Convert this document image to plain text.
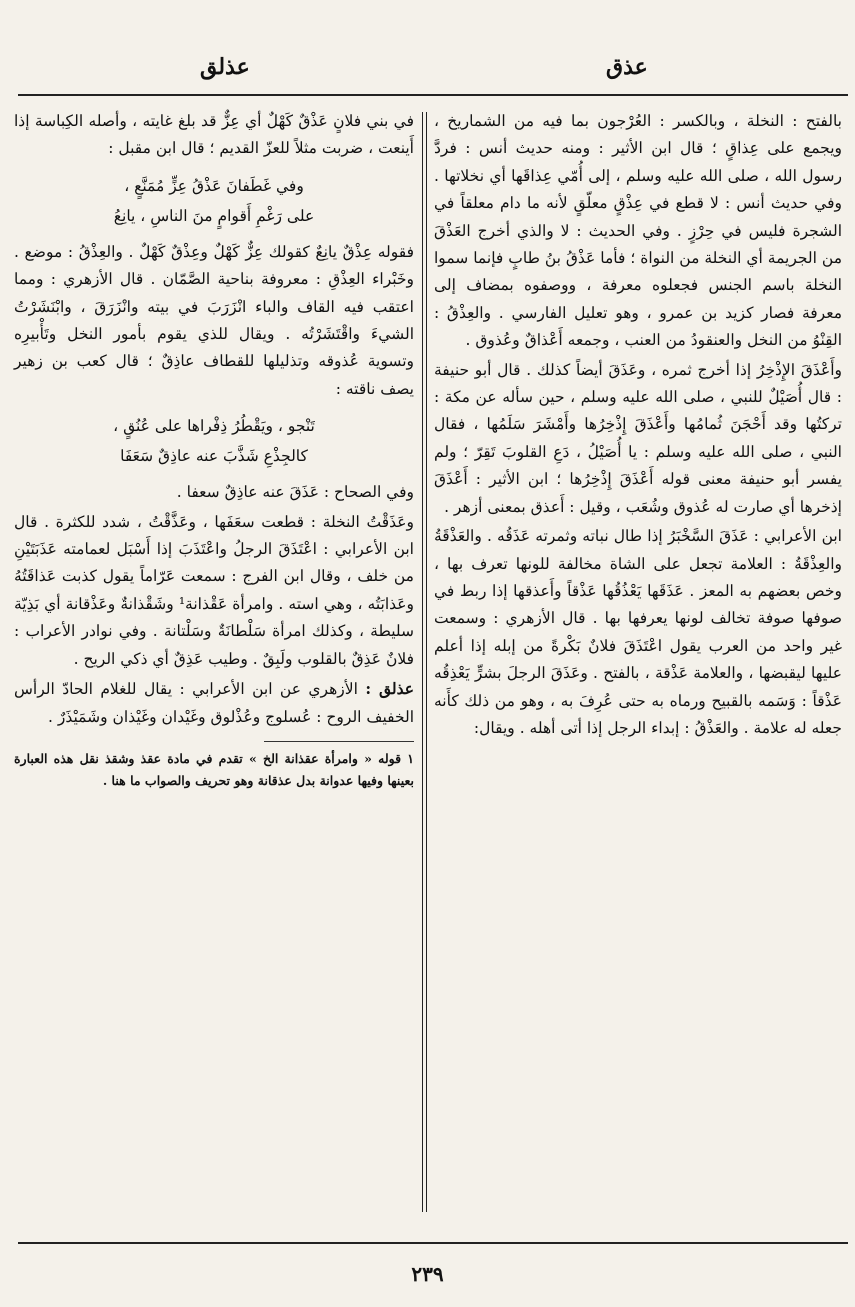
عذلق	عذق

بالفتح : النخلة ، وبالكسر : العُرْجون بما فيه من الشماريخ ، ويجمع على عِذاقٍ ؛ قال ابن الأثير : ومنه حديث أنس : فردَّ رسول الله ، صلى الله عليه وسلم ، إلى أُمّي عِذاقَها أي نخلاتها . وفي حديث أنس : لا قطع في عِذْقٍ معلّقٍ لأنه ما دام معلقاً في الشجرة فليس في حِرْزٍ . وفي الحديث : لا والذي أخرج العَذْقَ من الجريمة أي النخلة من النواة ؛ فأما عَذْقُ بنُ طابٍ فإنما سموا النخلة باسم الجنس فجعلوه معرفة ، ووصفوه بمضاف إلى معرفة فصار كزيد بن عمرو ، وهو تعليل الفارسي . والعِذْقُ : القِنْوُ من النخل والعنقودُ من العنب ، وجمعه أَعْذاقٌ وعُذوق .

وأَعْذَقَ الإِذْخِرُ إذا أخرج ثمره ، وعَذَقَ أيضاً كذلك . قال أبو حنيفة : قال أُصَيْلٌ للنبي ، صلى الله عليه وسلم ، حين سأله عن مكة : تركتُها وقد أَحْجَنَ ثُمامُها وأَعْذَقَ إِذْخِرُها وأَمْشَرَ سَلَمُها ، فقال النبي ، صلى الله عليه وسلم : يا أُصَيْلُ ، دَعِ القلوبَ تَقِرّ ؛ ولم يفسر أبو حنيفة معنى قوله أَعْذَقَ إِذْخِرُها ؛ ابن الأثير : أَعْذَقَ إذخرها أي صارت له عُذوق وشُعَب ، وقيل : أَعذق بمعنى أزهر .

ابن الأعرابي : عَذَقَ السَّخْبَرُ إذا طال نباته وثمرته عَذَقُه . والعَذْقَةُ والعِذْقَةُ : العلامة تجعل على الشاة مخالفة للونها تعرف بها ، وخص بعضهم به المعز . عَذَقَها يَعْذُقُها عَذْقاً وأَعذقها إذا ربط في صوفها صوفة تخالف لونها يعرفها بها . قال الأزهري : وسمعت غير واحد من العرب يقول اعْتَذَقَ فلانٌ بَكْرةً من إبله إذا أعلم عليها ليقبضها ، والعلامة عَذْقة ، بالفتح . وعَذَقَ الرجلَ بشرٍّ يَعْذِقُه عَذْقاً : وَسَمه بالقبيح ورماه به حتى عُرِفَ به ، وهو من ذلك كأَنه جعله له علامة . والعَذْقُ : إبداء الرجل إذا أتى أهله . ويقال:

في بني فلانٍ عَذْقٌ كَهْلٌ أي عِزٌّ قد بلغ غايته ، وأصله الكِباسة إذا أَينعت ، ضربت مثلاً للعزّ القديم ؛ قال ابن مقبل :

وفي غَطَفانَ عَذْقُ عِزٍّ مُمَنَّعٍ ،
على رَغْمِ أَقوامٍ منَ الناسِ ، يانِعُ

فقوله عِذْقٌ يانِعٌ كقولك عِزٌّ كَهْلٌ وعِذْقٌ كَهْلٌ . والعِذْقُ : موضع . وخَبْراء العِذْقِ : معروفة بناحية الصَّمّان . قال الأزهري : ومما اعتقب فيه القاف والباء انْزَرَبَ في بيته وانْزَرَقَ ، وابْنَشَرْتُ الشيءَ واقْتَشَرْتُه . ويقال للذي يقوم بأمور النخل وتَأْبيرِه وتسوية عُذوقه وتذليلها للقطاف عاذِقٌ ؛ قال كعب بن زهير يصف ناقته :

تَنْجو ، ويَقْطُرُ ذِفْراها على عُنُقٍ ،
كالجِذْعِ شَذَّبَ عنه عاذِقٌ سَعَفَا

وفي الصحاح : عَذَقَ عنه عاذِقٌ سعفا .

وعَذَقْتُ النخلة : قطعت سعَفَها ، وعَذَّقْتُ ، شدد للكثرة . قال ابن الأعرابي : اعْتَذَقَ الرجلُ واعْتَذَبَ إذا أَسْبَل لعمامته عَذَبَتَيْنِ من خلف ، وقال ابن الفرج : سمعت عَرّاماً يقول كذبت عَذاقَتُهُ وعَذابَتُه ، وهي استه . وامرأة عَقْذانة¹ وشَقْذانةٌ وعَذْقانة أي بَذِيّة سليطة ، وكذلك امرأة سَلْطانَةٌ وسَلْتانة . وفي نوادر الأعراب : فلانٌ عَذِقٌ بالقلوب ولَبِقٌ . وطيب عَذِقٌ أي ذكي الريح .

عذلق : الأزهري عن ابن الأعرابي : يقال للغلام الحادّ الرأس الخفيف الروح : عُسلوج وعُذْلوق وغَيْدان وغَيْذان وشَمَيْذَرٌ .

١ قوله « وامرأة عقذانة الخ » تقدم في مادة عقذ وشقذ نقل هذه العبارة بعينها وفيها عدوانة بدل عذقانة وهو تحريف والصواب ما هنا .

٢٣٩
